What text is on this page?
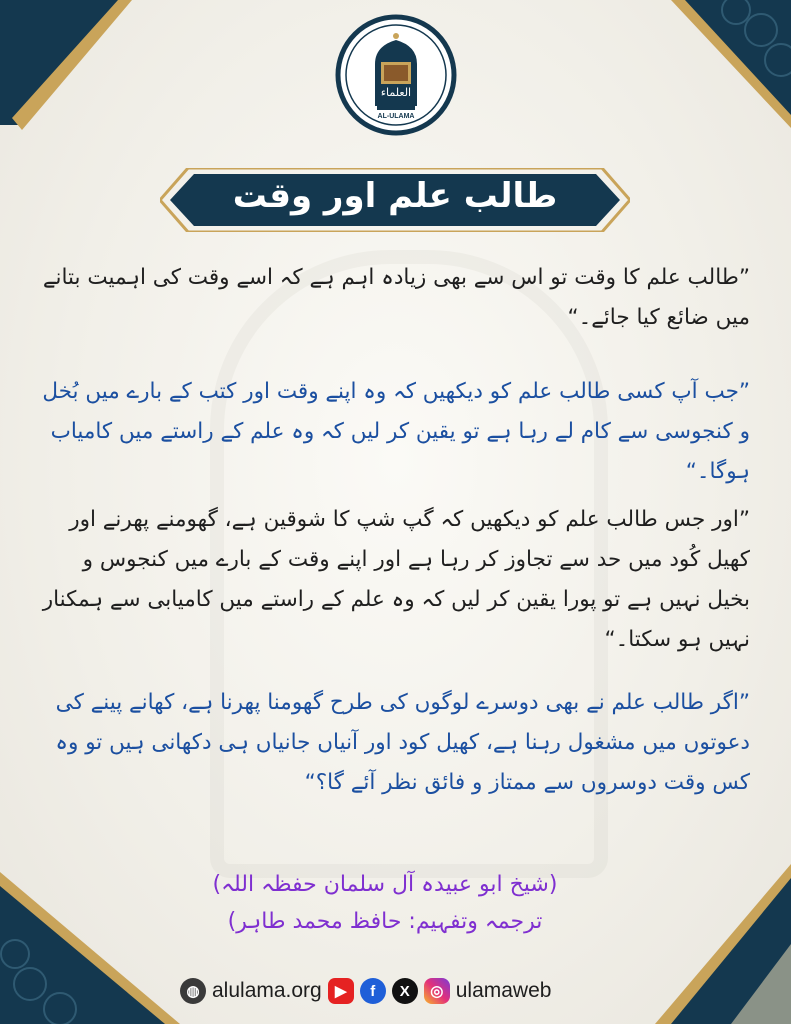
العلماء
AL-ULAMA
طالب علم اور وقت

”طالب علم کا وقت تو اس سے بھی زیادہ اہم ہے کہ اسے وقت کی اہمیت بتانے میں ضائع کیا جائے۔“

”جب آپ کسی طالب علم کو دیکھیں کہ وہ اپنے وقت اور کتب کے بارے میں بُخل و کنجوسی سے کام لے رہا ہے تو یقین کر لیں کہ وہ علم کے راستے میں کامیاب ہوگا۔“

”اور جس طالب علم کو دیکھیں کہ گپ شپ کا شوقین ہے، گھومنے پھرنے اور کھیل کُود میں حد سے تجاوز کر رہا ہے اور اپنے وقت کے بارے میں کنجوس و بخیل نہیں ہے تو پورا یقین کر لیں کہ وہ علم کے راستے میں کامیابی سے ہمکنار نہیں ہو سکتا۔“

”اگر طالب علم نے بھی دوسرے لوگوں کی طرح گھومنا پھرنا ہے، کھانے پینے کی دعوتوں میں مشغول رہنا ہے، کھیل کود اور آنیاں جانیاں ہی دکھانی ہیں تو وہ کس وقت دوسروں سے ممتاز و فائق نظر آئے گا؟“

(شیخ ابو عبیدہ آل سلمان حفظہ اللہ)
ترجمہ وتفہیم: حافظ محمد طاہر)
◍ alulama.org ▶	f	X	◎ ulamaweb
